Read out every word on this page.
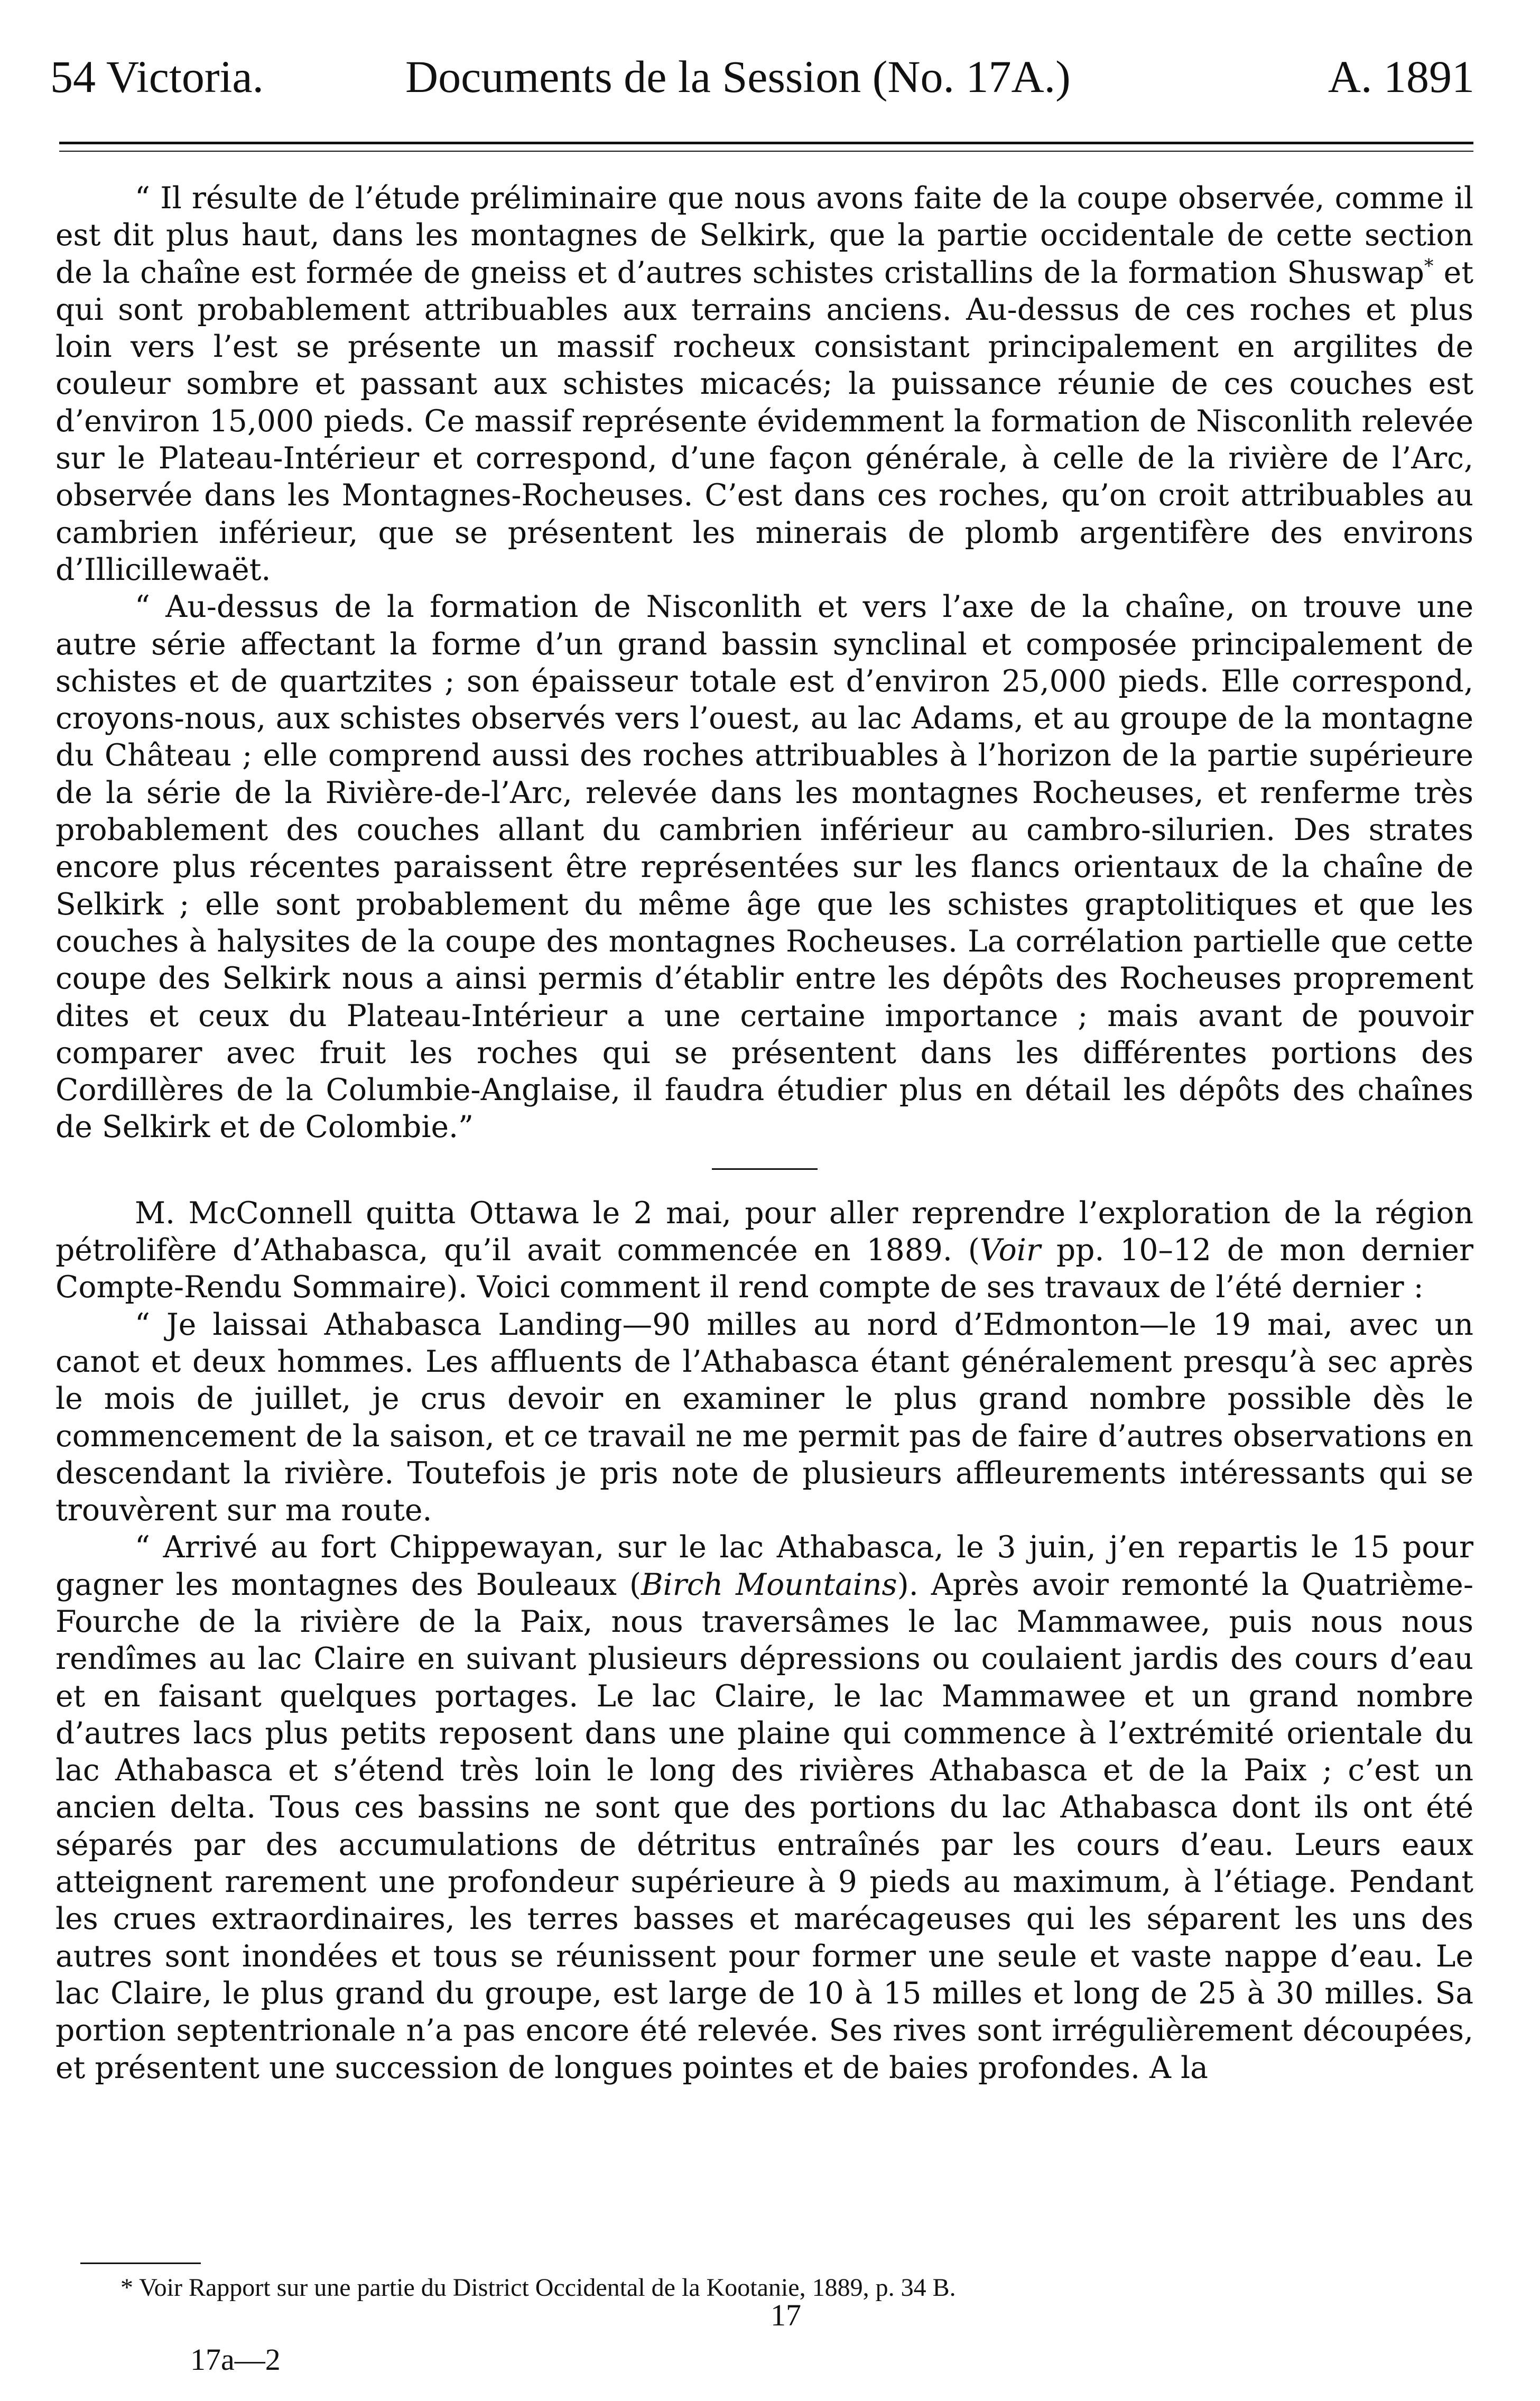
54 Victoria.	Documents de la Session (No. 17A.)	A. 1891

“ Il résulte de l’étude préliminaire que nous avons faite de la coupe observée, comme il est dit plus haut, dans les montagnes de Selkirk, que la partie occidentale de cette section de la chaîne est formée de gneiss et d’autres schistes cristallins de la formation Shuswap* et qui sont probablement attribuables aux terrains anciens. Au-dessus de ces roches et plus loin vers l’est se présente un massif rocheux consistant principalement en argilites de couleur sombre et passant aux schistes micacés; la puissance réunie de ces couches est d’environ 15,000 pieds. Ce massif représente évidemment la formation de Nisconlith relevée sur le Plateau-Intérieur et correspond, d’une façon générale, à celle de la rivière de l’Arc, observée dans les Montagnes-Rocheuses. C’est dans ces roches, qu’on croit attribuables au cambrien inférieur, que se présentent les minerais de plomb argentifère des environs d’Illicillewaët.

“ Au-dessus de la formation de Nisconlith et vers l’axe de la chaîne, on trouve une autre série affectant la forme d’un grand bassin synclinal et composée principalement de schistes et de quartzites ; son épaisseur totale est d’environ 25,000 pieds. Elle correspond, croyons-nous, aux schistes observés vers l’ouest, au lac Adams, et au groupe de la montagne du Château ; elle comprend aussi des roches attribuables à l’horizon de la partie supérieure de la série de la Rivière-de-l’Arc, relevée dans les montagnes Rocheuses, et renferme très probablement des couches allant du cambrien inférieur au cambro-silurien. Des strates encore plus récentes paraissent être représentées sur les flancs orientaux de la chaîne de Selkirk ; elle sont probablement du même âge que les schistes graptolitiques et que les couches à halysites de la coupe des montagnes Rocheuses. La corrélation partielle que cette coupe des Selkirk nous a ainsi permis d’établir entre les dépôts des Rocheuses proprement dites et ceux du Plateau-Intérieur a une certaine importance ; mais avant de pouvoir comparer avec fruit les roches qui se présentent dans les différentes portions des Cordillères de la Columbie-Anglaise, il faudra étudier plus en détail les dépôts des chaînes de Selkirk et de Colombie.”

M. McConnell quitta Ottawa le 2 mai, pour aller reprendre l’exploration de la région pétrolifère d’Athabasca, qu’il avait commencée en 1889. (Voir pp. 10–12 de mon dernier Compte-Rendu Sommaire). Voici comment il rend compte de ses travaux de l’été dernier :

“ Je laissai Athabasca Landing—90 milles au nord d’Edmonton—le 19 mai, avec un canot et deux hommes. Les affluents de l’Athabasca étant généralement presqu’à sec après le mois de juillet, je crus devoir en examiner le plus grand nombre possible dès le commencement de la saison, et ce travail ne me permit pas de faire d’autres observations en descendant la rivière. Toutefois je pris note de plusieurs affleurements intéressants qui se trouvèrent sur ma route.

“ Arrivé au fort Chippewayan, sur le lac Athabasca, le 3 juin, j’en repartis le 15 pour gagner les montagnes des Bouleaux (Birch Mountains). Après avoir remonté la Quatrième-Fourche de la rivière de la Paix, nous traversâmes le lac Mammawee, puis nous nous rendîmes au lac Claire en suivant plusieurs dépressions ou coulaient jardis des cours d’eau et en faisant quelques portages. Le lac Claire, le lac Mammawee et un grand nombre d’autres lacs plus petits reposent dans une plaine qui commence à l’extrémité orientale du lac Athabasca et s’étend très loin le long des rivières Athabasca et de la Paix ; c’est un ancien delta. Tous ces bassins ne sont que des portions du lac Athabasca dont ils ont été séparés par des accumulations de détritus entraînés par les cours d’eau. Leurs eaux atteignent rarement une profondeur supérieure à 9 pieds au maximum, à l’étiage. Pendant les crues extraordinaires, les terres basses et marécageuses qui les séparent les uns des autres sont inondées et tous se réunissent pour former une seule et vaste nappe d’eau. Le lac Claire, le plus grand du groupe, est large de 10 à 15 milles et long de 25 à 30 milles. Sa portion septentrionale n’a pas encore été relevée. Ses rives sont irrégulièrement découpées, et présentent une succession de longues pointes et de baies profondes. A la

* Voir Rapport sur une partie du District Occidental de la Kootanie, 1889, p. 34 B.
17
17a—2
